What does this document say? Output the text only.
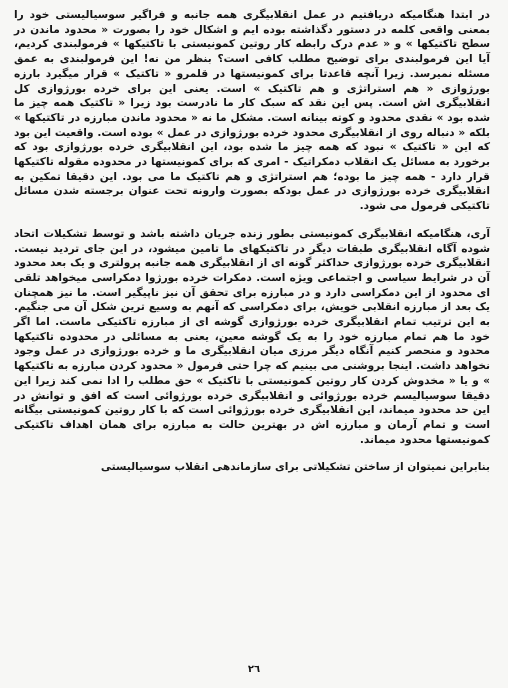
در ابتدا هنگامیکه دریافتیم در عمل انقلابیگری همه جانبه و فراگیر سوسیالیستی خود را بمعنی واقعی کلمه در دستور دگذاشته بوده ایم و اشکال خود را بصورت « محدود ماندن در سطح تاکتیکها » و « عدم درک رابطه کار روتین کمونیستی با تاکتیکها » فرمولبندی کردیم، آیا این فرمولبندی برای توضیح مطلب کافی است؟ بنظر من نه! این فرمولبندی به عمق مسئله نمیرسد. زیرا آنچه قاعدتا برای کمونیستها در قلمرو « تاکتیک » قرار میگیرد بارزه بورژوازی « هم استراتژی و هم تاکتیک » است. یعنی این برای خرده بورژوازی کل انقلابیگری اش است. پس این نقد که سبک کار ما نادرست بود زیرا « تاکتیک همه چیز ما شده بود » نقدی محدود و کوته بینانه است. مشکل ما نه « محدود ماندن مبارزه در تاکتیکها » بلکه « دنباله روی از انقلابیگری محدود خرده بورژوازی در عمل » بوده است. واقعیت این بود که این « تاکتیک » نبود که همه چیز ما شده بود، این انقلابیگری خرده بورژوازی بود که برخورد به مسائل یک انقلاب دمکراتیک - امری که برای کمونیستها در محدوده مقوله تاکتیکها قرار دارد - همه چیز ما بوده؛ هم استراتژی و هم تاکتیک ما می بود. این دقیقا تمکین به انقلابیگری خرده بورژوازی در عمل بودکه بصورت وارونه تحت عنوان برجسته شدن مسائل تاکتیکی فرمول می شود.

آری، هنگامیکه انقلابیگری کمونیستی بطور زنده جریان داشته باشد و توسط تشکیلات اتحاد شوده آگاه انقلابیگری طبقات دیگر در تاکتیکهای ما تامین میشود، در این جای تردید نیست. انقلابیگری خرده بورژوازی حداکثر گونه ای از انقلابیگری همه جانبه پرولتری و یک بعد محدود آن در شرایط سیاسی و اجتماعی ویژه است. دمکرات خرده بورژوا دمکراسی میخواهد تلقی ای محدود از این دمکراسی دارد و در مبارزه برای تحقق آن نیز ناپیگیر است. ما نیز همچنان یک بعد از مبارزه انقلابی خویش، برای دمکراسی که آنهم به وسیع ترین شکل آن می جنگیم. به این ترتیب تمام انقلابیگری خرده بورژوازی گوشه ای از مبارزه تاکتیکی ماست. اما اگر خود ما هم تمام مبارزه خود را به یک گوشه معین، یعنی به مسائلی در محدوده تاکتیکها محدود و منحصر کنیم آنگاه دیگر مرزی میان انقلابیگری ما و خرده بورژوازی در عمل وجود نخواهد داشت. اینجا بروشنی می بینیم که چرا حتی فرمول « محدود کردن مبارزه به تاکتیکها » و یا « مخدوش کردن کار روتین کمونیستی با تاکتیک » حق مطلب را ادا نمی کند زیرا این دقیقا سوسیالیسم خرده بورژوائی و انقلابیگری خرده بورژوائی است که افق و توانش در این حد محدود میماند، این انقلابیگری خرده بورژوائی است که با کار روتین کمونیستی بیگانه است و تمام آرمان و مبارزه اش در بهترین حالت به مبارزه برای همان اهداف تاکتیکی کمونیستها محدود میماند.

بنابراین نمیتوان از ساختن تشکیلاتی برای سازماندهی انقلاب سوسیالیستی

٢٦
